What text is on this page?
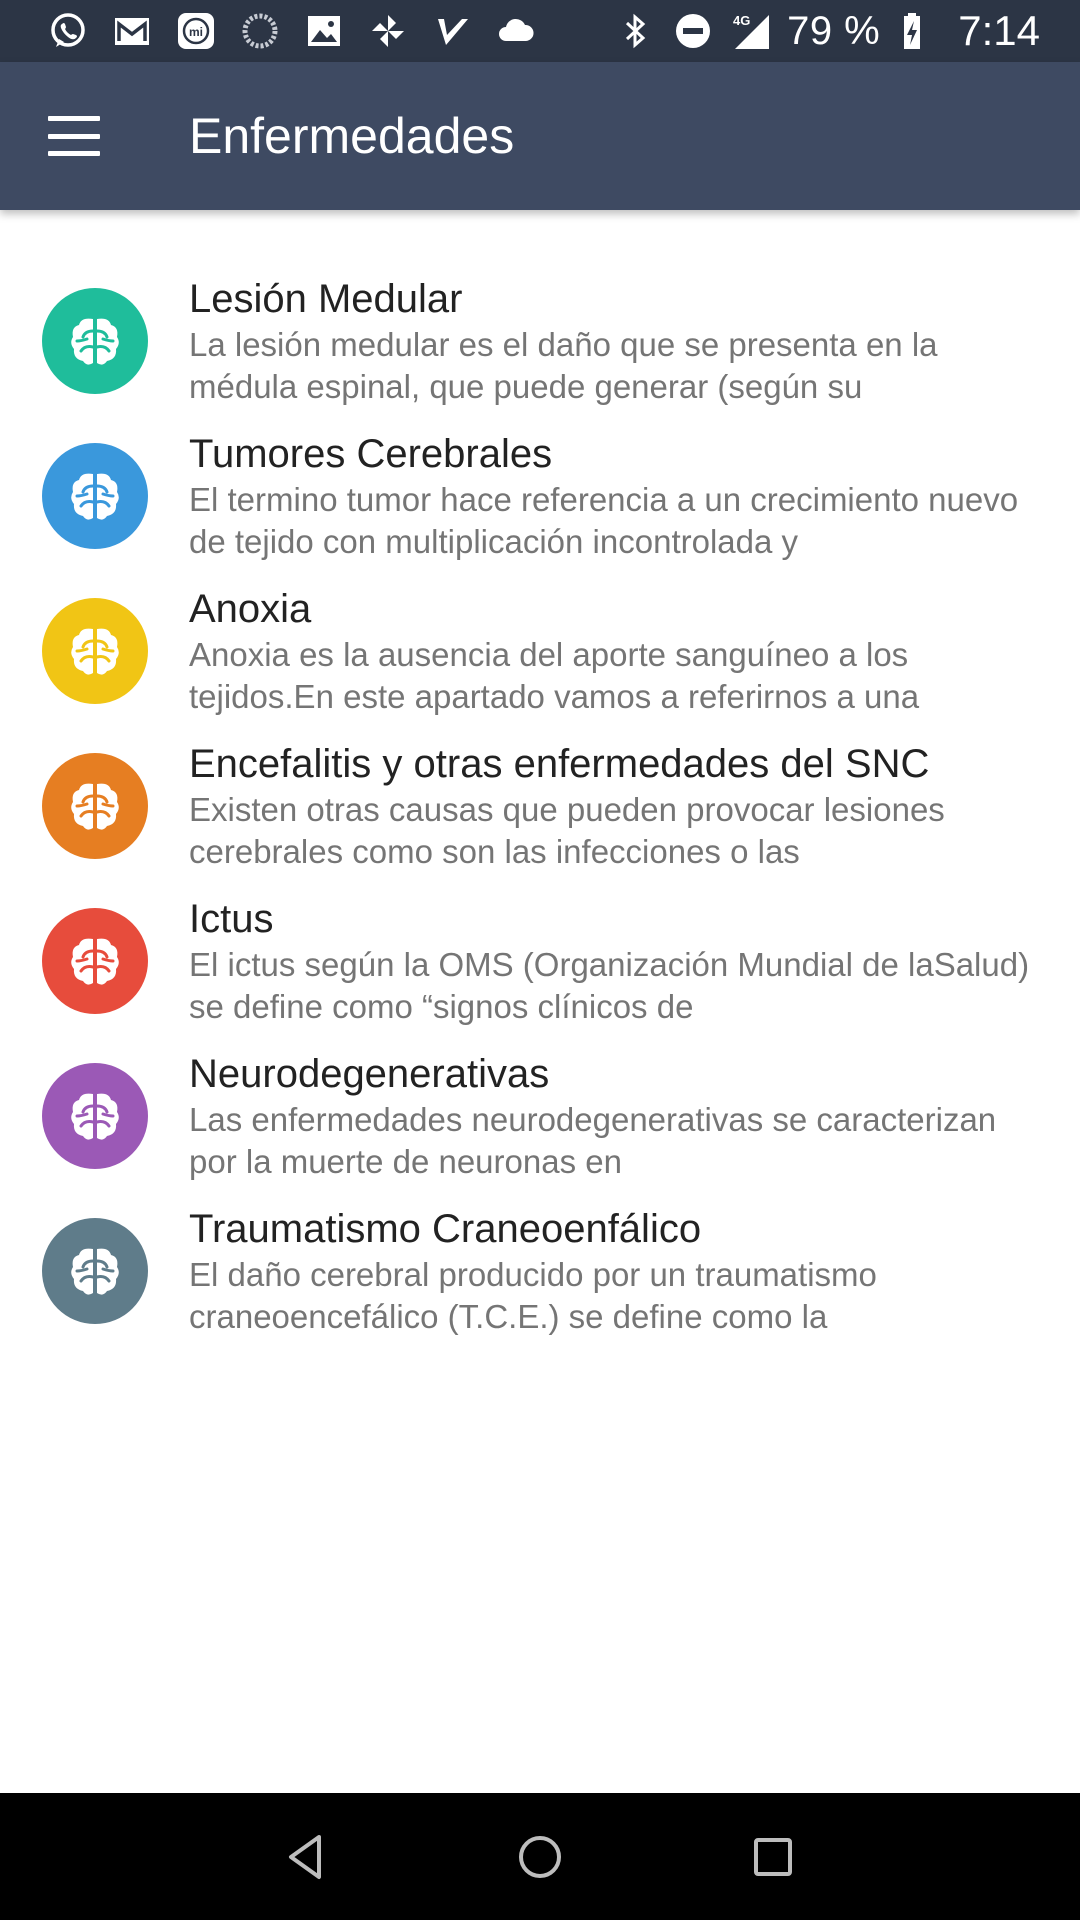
mi
4G 79 % 7:14
Enfermedades
Lesión Medular
La lesión medular es el daño que se presenta en la médula espinal, que puede generar (según su
Tumores Cerebrales
El termino tumor hace referencia a un crecimiento nuevo de tejido con multiplicación incontrolada y
Anoxia
Anoxia es la ausencia del aporte sanguíneo a los tejidos.En este apartado vamos a referirnos a una
Encefalitis y otras enfermedades del SNC
Existen otras causas que pueden provocar lesiones cerebrales como son las infecciones o las
Ictus
El ictus según la OMS (Organización Mundial de laSalud) se define como “signos clínicos de
Neurodegenerativas
Las enfermedades neurodegenerativas se caracterizan por la muerte de neuronas en
Traumatismo Craneoenfálico
El daño cerebral producido por un traumatismo craneoencefálico (T.C.E.) se define como la
